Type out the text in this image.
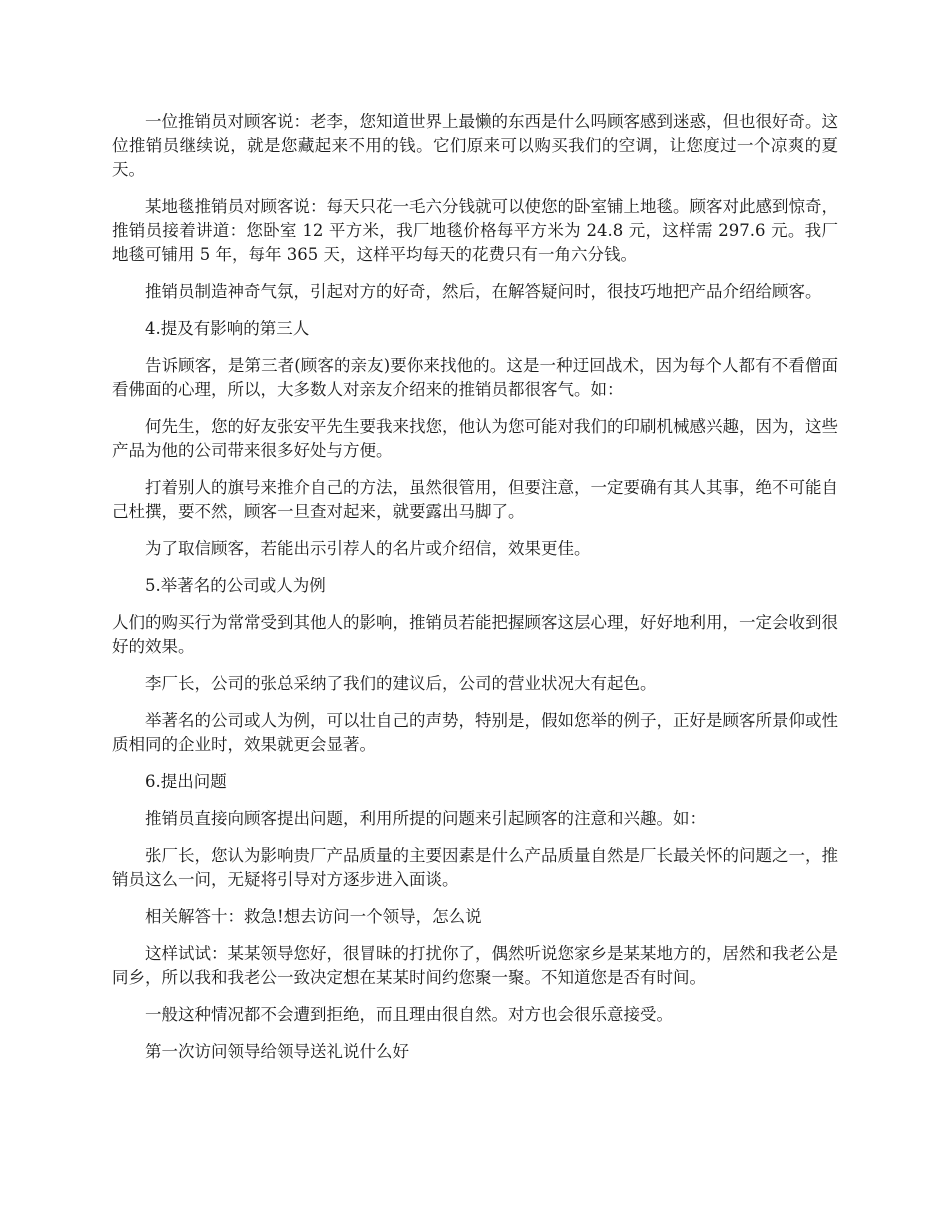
一位推销员对顾客说：老李，您知道世界上最懒的东西是什么吗顾客感到迷惑，但也很好奇。这位推销员继续说，就是您藏起来不用的钱。它们原来可以购买我们的空调，让您度过一个凉爽的夏天。

某地毯推销员对顾客说：每天只花一毛六分钱就可以使您的卧室铺上地毯。顾客对此感到惊奇，推销员接着讲道：您卧室 12 平方米，我厂地毯价格每平方米为 24.8 元，这样需 297.6 元。我厂地毯可铺用 5 年，每年 365 天，这样平均每天的花费只有一角六分钱。

推销员制造神奇气氛，引起对方的好奇，然后，在解答疑问时，很技巧地把产品介绍给顾客。

4.提及有影响的第三人

告诉顾客，是第三者(顾客的亲友)要你来找他的。这是一种迂回战术，因为每个人都有不看僧面看佛面的心理，所以，大多数人对亲友介绍来的推销员都很客气。如：

何先生，您的好友张安平先生要我来找您，他认为您可能对我们的印刷机械感兴趣，因为，这些产品为他的公司带来很多好处与方便。

打着别人的旗号来推介自己的方法，虽然很管用，但要注意，一定要确有其人其事，绝不可能自己杜撰，要不然，顾客一旦查对起来，就要露出马脚了。

为了取信顾客，若能出示引荐人的名片或介绍信，效果更佳。

5.举著名的公司或人为例

人们的购买行为常常受到其他人的影响，推销员若能把握顾客这层心理，好好地利用，一定会收到很好的效果。

李厂长，公司的张总采纳了我们的建议后，公司的营业状况大有起色。

举著名的公司或人为例，可以壮自己的声势，特别是，假如您举的例子，正好是顾客所景仰或性质相同的企业时，效果就更会显著。

6.提出问题

推销员直接向顾客提出问题，利用所提的问题来引起顾客的注意和兴趣。如：

张厂长，您认为影响贵厂产品质量的主要因素是什么产品质量自然是厂长最关怀的问题之一，推销员这么一问，无疑将引导对方逐步进入面谈。

相关解答十：救急!想去访问一个领导，怎么说

这样试试：某某领导您好，很冒昧的打扰你了，偶然听说您家乡是某某地方的，居然和我老公是同乡，所以我和我老公一致决定想在某某时间约您聚一聚。不知道您是否有时间。

一般这种情况都不会遭到拒绝，而且理由很自然。对方也会很乐意接受。

第一次访问领导给领导送礼说什么好
